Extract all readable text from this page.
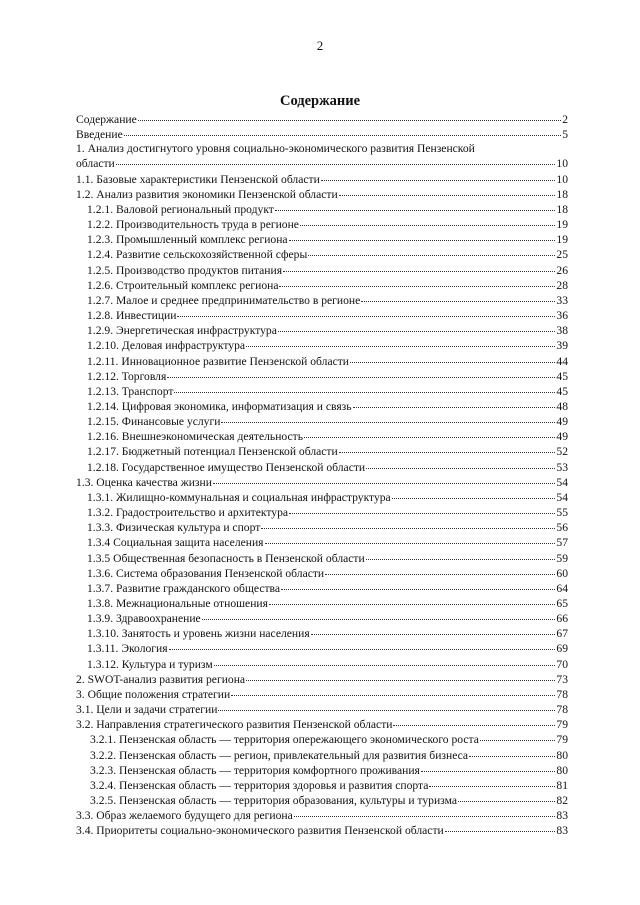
2
Содержание
Содержание	2
Введение	5
1. Анализ достигнутого уровня социально-экономического развития Пензенской
области	10
1.1. Базовые характеристики Пензенской области	10
1.2. Анализ развития экономики Пензенской области	18
1.2.1. Валовой региональный продукт	18
1.2.2. Производительность труда в регионе	19
1.2.3. Промышленный комплекс региона	19
1.2.4. Развитие сельскохозяйственной сферы	25
1.2.5. Производство продуктов питания	26
1.2.6. Строительный комплекс региона	28
1.2.7. Малое и среднее предпринимательство в регионе	33
1.2.8. Инвестиции	36
1.2.9. Энергетическая инфраструктура	38
1.2.10. Деловая инфраструктура	39
1.2.11. Инновационное развитие Пензенской области	44
1.2.12. Торговля	45
1.2.13. Транспорт	45
1.2.14. Цифровая экономика, информатизация и связь	48
1.2.15. Финансовые услуги	49
1.2.16. Внешнеэкономическая деятельность	49
1.2.17. Бюджетный потенциал Пензенской области	52
1.2.18. Государственное имущество Пензенской области	53
1.3. Оценка качества жизни	54
1.3.1. Жилищно-коммунальная и социальная инфраструктура	54
1.3.2. Градостроительство и архитектура	55
1.3.3. Физическая культура и спорт	56
1.3.4 Социальная защита населения	57
1.3.5 Общественная безопасность в Пензенской области	59
1.3.6. Система образования Пензенской области	60
1.3.7. Развитие гражданского общества	64
1.3.8. Межнациональные отношения	65
1.3.9. Здравоохранение	66
1.3.10. Занятость и уровень жизни населения	67
1.3.11. Экология	69
1.3.12. Культура и туризм	70
2. SWOT-анализ развития региона	73
3. Общие положения стратегии	78
3.1. Цели и задачи стратегии	78
3.2. Направления стратегического развития Пензенской области	79
3.2.1. Пензенская область — территория опережающего экономического роста	79
3.2.2. Пензенская область — регион, привлекательный для развития бизнеса	80
3.2.3. Пензенская область — территория комфортного проживания	80
3.2.4. Пензенская область — территория здоровья и развития спорта	81
3.2.5. Пензенская область — территория образования, культуры и туризма	82
3.3. Образ желаемого будущего для региона	83
3.4. Приоритеты социально-экономического развития Пензенской области	83
